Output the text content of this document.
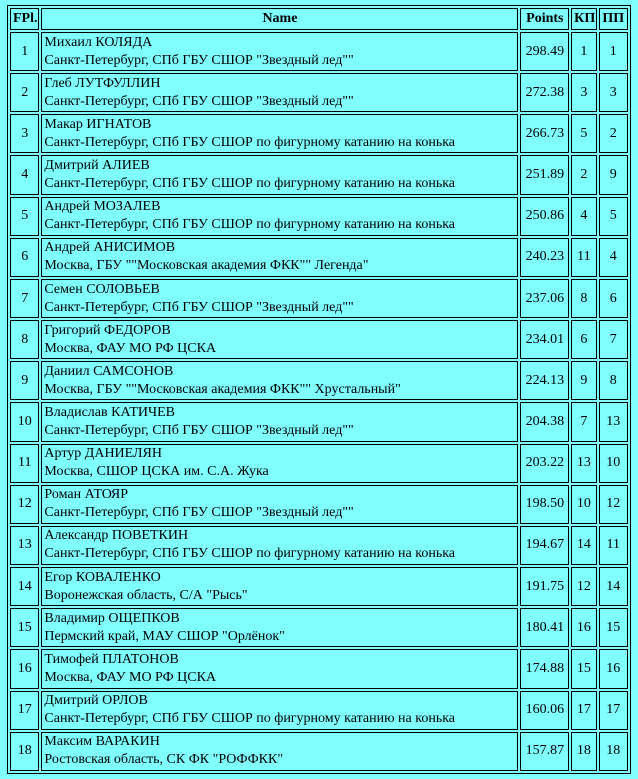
FPl.	Name	Points	КП	ПП
1	Михаил КОЛЯДА
Санкт-Петербург, СПб ГБУ СШОР "Звездный лед""	298.49	1	1
2	Глеб ЛУТФУЛЛИН
Санкт-Петербург, СПб ГБУ СШОР "Звездный лед""	272.38	3	3
3	Макар ИГНАТОВ
Санкт-Петербург, СПб ГБУ СШОР по фигурному катанию на конька	266.73	5	2
4	Дмитрий АЛИЕВ
Санкт-Петербург, СПб ГБУ СШОР по фигурному катанию на конька	251.89	2	9
5	Андрей МОЗАЛЕВ
Санкт-Петербург, СПб ГБУ СШОР по фигурному катанию на конька	250.86	4	5
6	Андрей АНИСИМОВ
Москва, ГБУ ""Московская академия ФКК"" Легенда"	240.23	11	4
7	Семен СОЛОВЬЕВ
Санкт-Петербург, СПб ГБУ СШОР "Звездный лед""	237.06	8	6
8	Григорий ФЕДОРОВ
Москва, ФАУ МО РФ ЦСКА	234.01	6	7
9	Даниил САМСОНОВ
Москва, ГБУ ""Московская академия ФКК"" Хрустальный"	224.13	9	8
10	Владислав КАТИЧЕВ
Санкт-Петербург, СПб ГБУ СШОР "Звездный лед""	204.38	7	13
11	Артур ДАНИЕЛЯН
Москва, СШОР ЦСКА им. С.А. Жука	203.22	13	10
12	Роман АТОЯР
Санкт-Петербург, СПб ГБУ СШОР "Звездный лед""	198.50	10	12
13	Александр ПОВЕТКИН
Санкт-Петербург, СПб ГБУ СШОР по фигурному катанию на конька	194.67	14	11
14	Егор КОВАЛЕНКО
Воронежская область, С/А "Рысь"	191.75	12	14
15	Владимир ОЩЕПКОВ
Пермский край, МАУ СШОР "Орлёнок"	180.41	16	15
16	Тимофей ПЛАТОНОВ
Москва, ФАУ МО РФ ЦСКА	174.88	15	16
17	Дмитрий ОРЛОВ
Санкт-Петербург, СПб ГБУ СШОР по фигурному катанию на конька	160.06	17	17
18	Максим ВАРАКИН
Ростовская область, СК ФК "РОФФКК"	157.87	18	18
